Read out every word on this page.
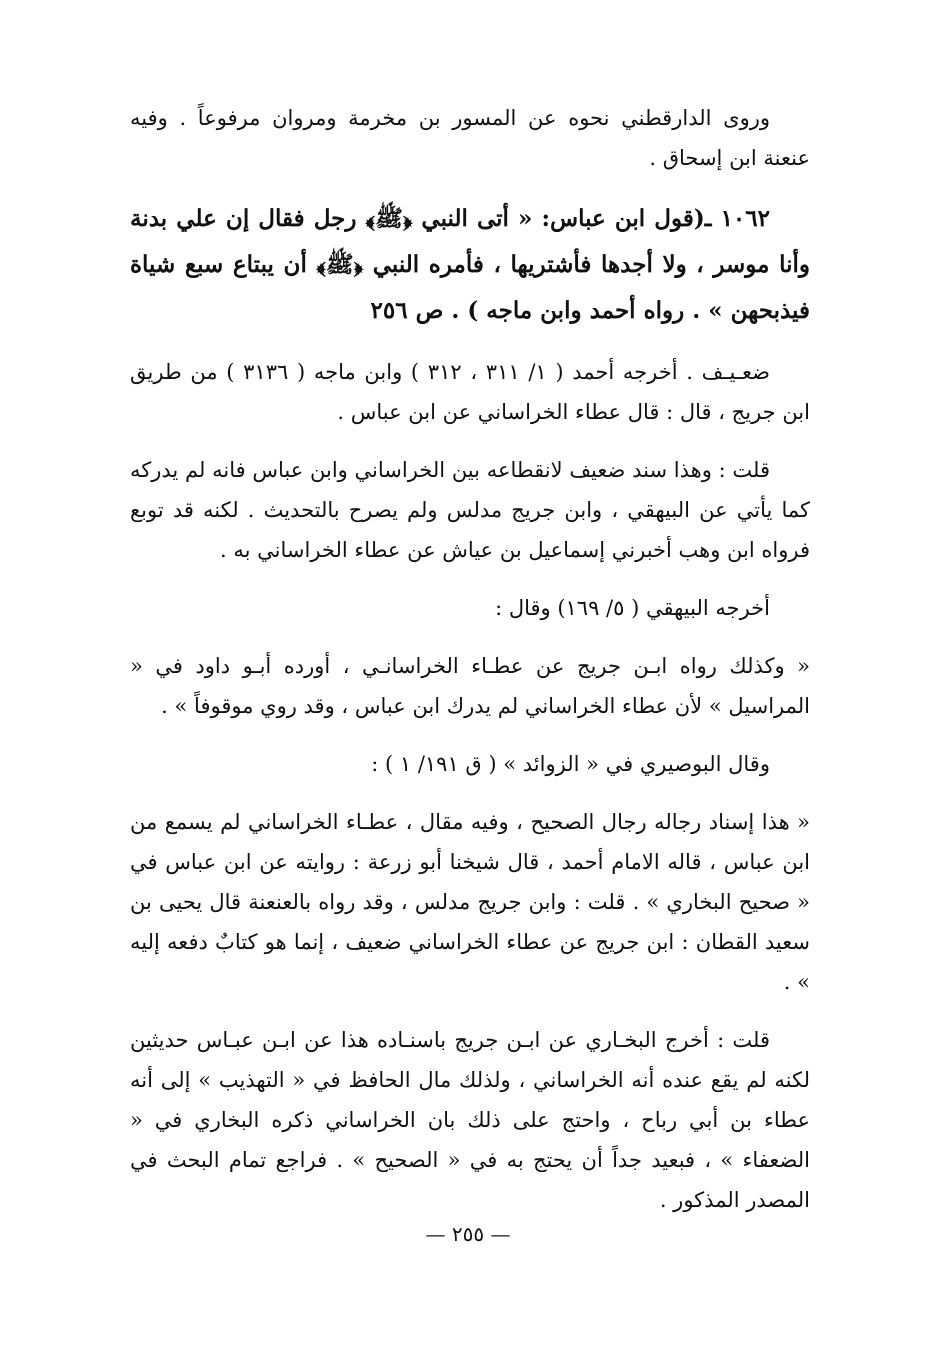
وروى الدارقطني نحوه عن المسور بن مخرمة ومروان مرفوعاً . وفيه عنعنة ابن إسحاق .

١٠٦٢ ـ(قول ابن عباس: « أتى النبي ﴿ﷺ﴾ رجل فقال إن علي بدنة وأنا موسر ، ولا أجدها فأشتريها ، فأمره النبي ﴿ﷺ﴾ أن يبتاع سبع شياة فيذبحهن » . رواه أحمد وابن ماجه ) . ص ٢٥٦

ضعـيـف . أخرجه أحمد ( ١/ ٣١١ ، ٣١٢ ) وابن ماجه ( ٣١٣٦ ) من طريق ابن جريج ، قال : قال عطاء الخراساني عن ابن عباس .

قلت : وهذا سند ضعيف لانقطاعه بين الخراساني وابن عباس فانه لم يدركه كما يأتي عن البيهقي ، وابن جريج مدلس ولم يصرح بالتحديث . لكنه قد توبع فرواه ابن وهب أخبرني إسماعيل بن عياش عن عطاء الخراساني به .

أخرجه البيهقي ( ٥/ ١٦٩) وقال :

« وكذلك رواه ابـن جريج عن عطـاء الخراسانـي ، أورده أبـو داود في « المراسيل » لأن عطاء الخراساني لم يدرك ابن عباس ، وقد روي موقوفاً » .

وقال البوصيري في « الزوائد » ( ق ١٩١/ ١ ) :

« هذا إسناد رجاله رجال الصحيح ، وفيه مقال ، عطـاء الخراساني لم يسمع من ابن عباس ، قاله الامام أحمد ، قال شيخنا أبو زرعة : روايته عن ابن عباس في « صحيح البخاري » . قلت : وابن جريج مدلس ، وقد رواه بالعنعنة قال يحيى بن سعيد القطان : ابن جريج عن عطاء الخراساني ضعيف ، إنما هو كتابٌ دفعه إليه » .

قلت : أخرج البخـاري عن ابـن جريج باسنـاده هذا عن ابـن عبـاس حديثين لكنه لم يقع عنده أنه الخراساني ، ولذلك مال الحافظ في « التهذيب » إلى أنه عطاء بن أبي رباح ، واحتج على ذلك بان الخراساني ذكره البخاري في « الضعفاء » ، فبعيد جداً أن يحتج به في « الصحيح » . فراجع تمام البحث في المصدر المذكور .

— ٢٥٥ —
